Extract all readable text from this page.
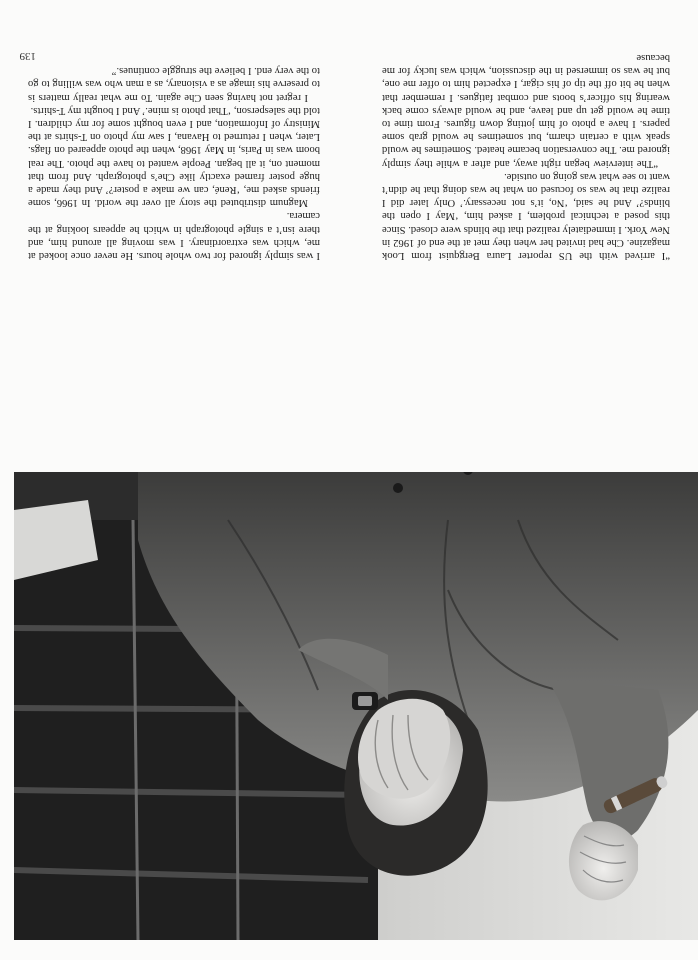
139

“I arrived with the US reporter Laura Bergquist from Look magazine. Che had invited her when they met at the end of 1962 in New York. I immediately realized that the blinds were closed. Since this posed a technical problem, I asked him, ‘May I open the blinds?’ And he said, ‘No, it’s not necessary.’ Only later did I realize that he was so focused on what he was doing that he didn’t want to see what was going on outside.

“The interview began right away, and after a while they simply ignored me. The conversation became heated. Sometimes he would speak with a certain charm, but sometimes he would grab some papers. I have a photo of him jotting down figures. From time to time he would get up and leave, and he would always come back wearing his officer’s boots and combat fatigues. I remember that when he bit off the tip of his cigar, I expected him to offer me one, but he was so immersed in the discussion, which was lucky for me because

I was simply ignored for two whole hours. He never once looked at me, which was extraordinary. I was moving all around him, and there isn’t a single photograph in which he appears looking at the camera.

Magnum distributed the story all over the world. In 1966, some friends asked me, ‘René, can we make a poster?’ And they made a huge poster framed exactly like Che’s photograph. And from that moment on, it all began. People wanted to have the photo. The real boom was in Paris, in May 1968, when the photo appeared on flags. Later, when I returned to Havana, I saw my photo on T-shirts at the Ministry of Information, and I even bought some for my children. I told the salesperson, ‘That photo is mine.’ And I bought my T-shirts.

I regret not having seen Che again. To me what really matters is to preserve his image as a visionary, as a man who was willing to go to the very end. I believe the struggle continues.”
